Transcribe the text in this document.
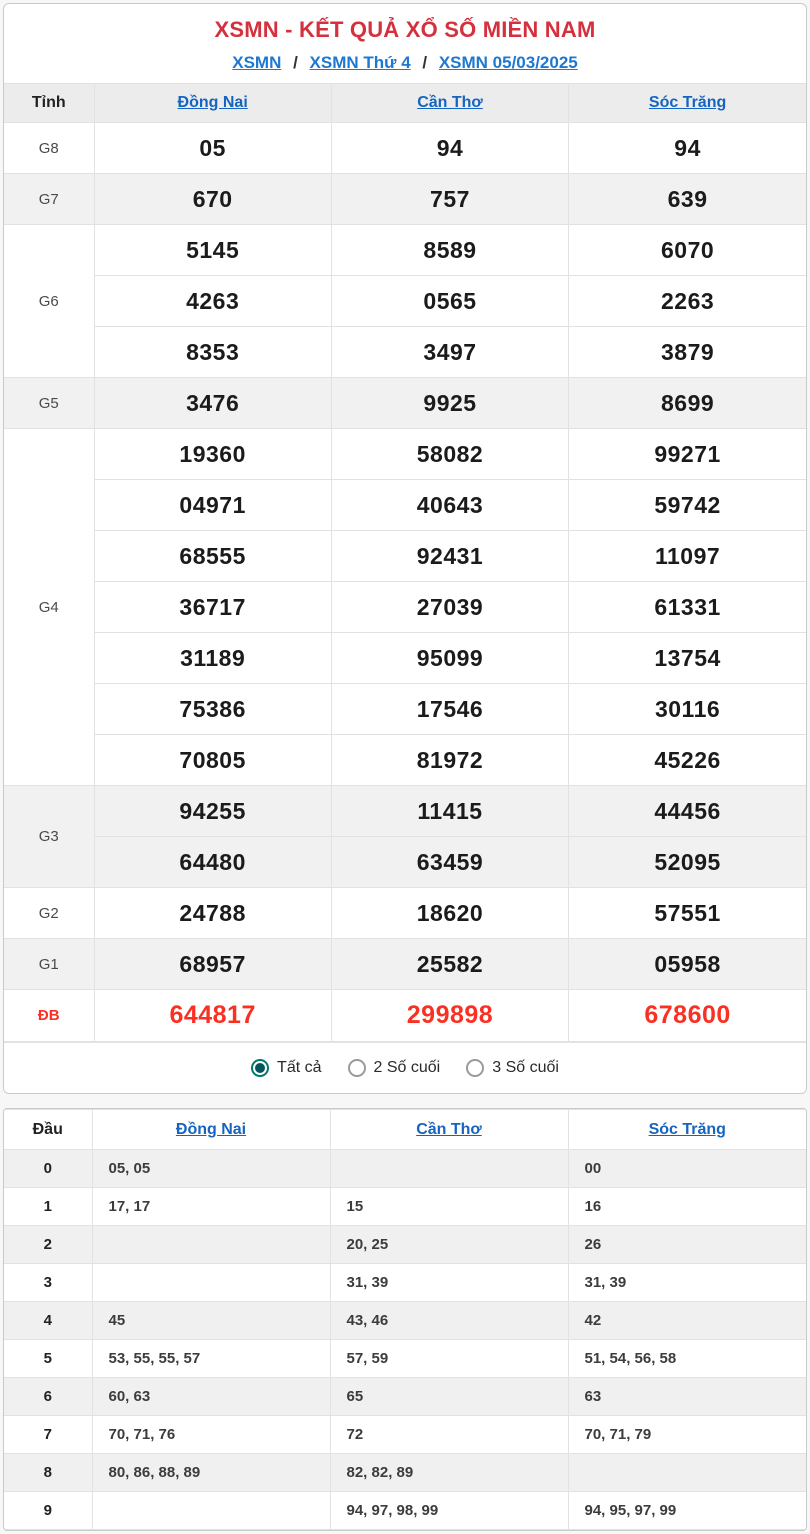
XSMN - KẾT QUẢ XỔ SỐ MIỀN NAM
XSMN / XSMN Thứ 4 / XSMN 05/03/2025
Tỉnh	Đồng Nai	Cần Thơ	Sóc Trăng
G8	05	94	94
G7	670	757	639
G6	5145	8589	6070
	4263	0565	2263
	8353	3497	3879
G5	3476	9925	8699
G4	19360	58082	99271
	04971	40643	59742
	68555	92431	11097
	36717	27039	61331
	31189	95099	13754
	75386	17546	30116
	70805	81972	45226
G3	94255	11415	44456
	64480	63459	52095
G2	24788	18620	57551
G1	68957	25582	05958
ĐB	644817	299898	678600
Tất cả	2 Số cuối	3 Số cuối
Đầu	Đồng Nai	Cần Thơ	Sóc Trăng
0	05, 05		00
1	17, 17	15	16
2		20, 25	26
3		31, 39	31, 39
4	45	43, 46	42
5	53, 55, 55, 57	57, 59	51, 54, 56, 58
6	60, 63	65	63
7	70, 71, 76	72	70, 71, 79
8	80, 86, 88, 89	82, 82, 89	
9		94, 97, 98, 99	94, 95, 97, 99
